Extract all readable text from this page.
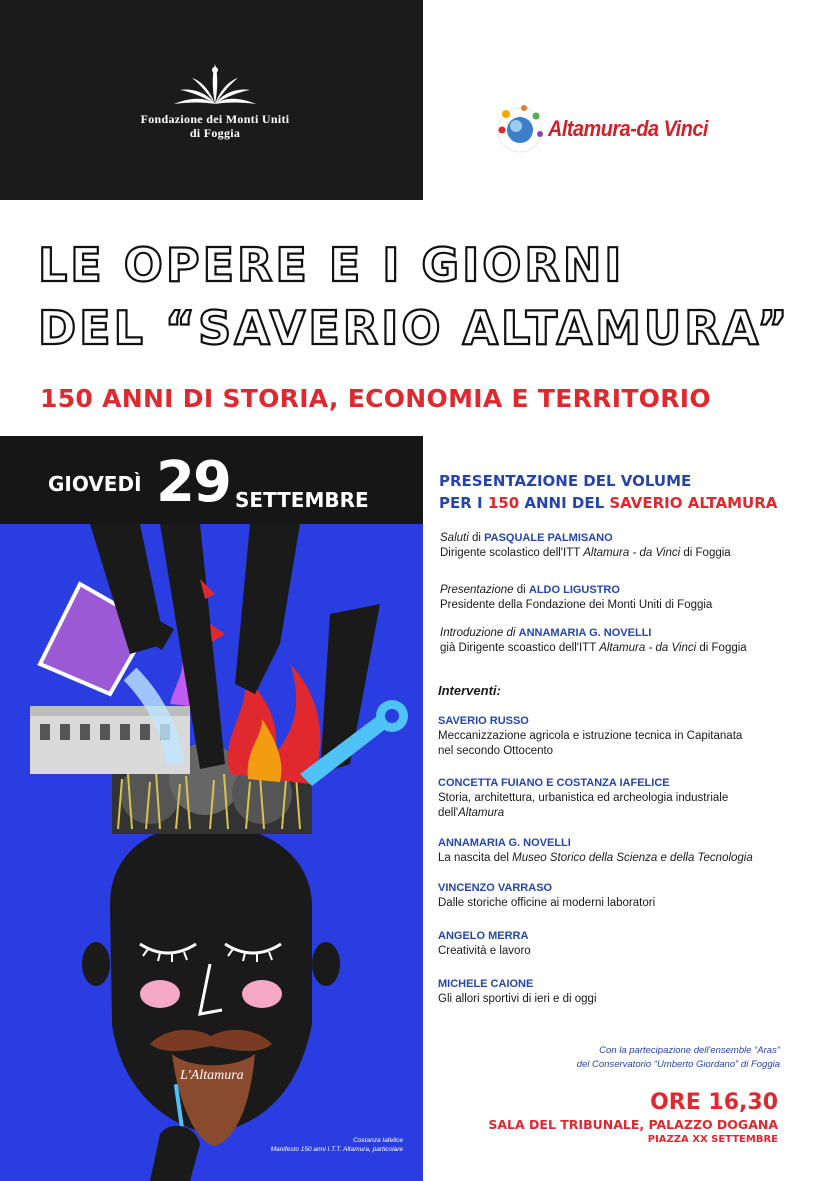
Fondazione dei Monti Uniti
di Foggia	Altamura-da Vinci
LE OPERE E I GIORNI
DEL “SAVERIO ALTAMURA”
150 ANNI DI STORIA, ECONOMIA E TERRITORIO
L'Altamura
GIOVEDÌ 29 SETTEMBRE
Costanza Iafelice
Manifesto 150 anni I.T.T. Altamura, particolare
PRESENTAZIONE DEL VOLUME
PER I 150 ANNI DEL SAVERIO ALTAMURA
Saluti di PASQUALE PALMISANO
Dirigente scolastico dell'ITT Altamura - da Vinci di Foggia
Presentazione di ALDO LIGUSTRO
Presidente della Fondazione dei Monti Uniti di Foggia
Introduzione di ANNAMARIA G. NOVELLI
già Dirigente scoastico dell'ITT Altamura - da Vinci di Foggia
Interventi:
SAVERIO RUSSO
Meccanizzazione agricola e istruzione tecnica in Capitanata
nel secondo Ottocento
CONCETTA FUIANO E COSTANZA IAFELICE
Storia, architettura, urbanistica ed archeologia industriale
dell'Altamura
ANNAMARIA G. NOVELLI
La nascita del Museo Storico della Scienza e della Tecnologia
VINCENZO VARRASO
Dalle storiche officine ai moderni laboratori
ANGELO MERRA
Creatività e lavoro
MICHELE CAIONE
Gli allori sportivi di ieri e di oggi
Con la partecipazione dell'ensemble “Aras”
del Conservatorio “Umberto Giordano” di Foggia
ORE 16,30
SALA DEL TRIBUNALE, PALAZZO DOGANA
PIAZZA XX SETTEMBRE
